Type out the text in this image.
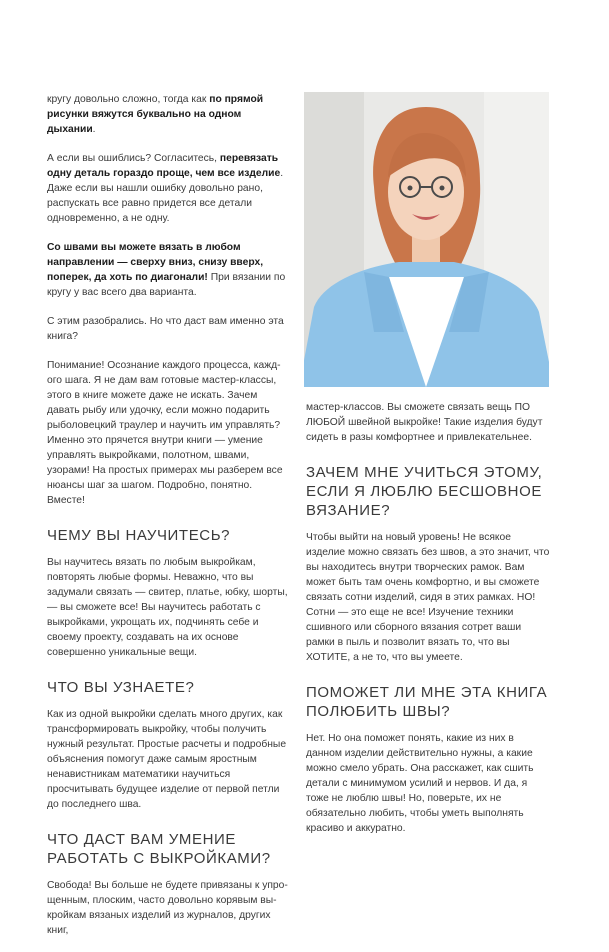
кругу довольно сложно, тогда как по прямой рисунки вяжутся буквально на одном дыхании.

А если вы ошиблись? Согласитесь, перевязать одну деталь гораздо проще, чем все изделие. Даже если вы нашли ошибку довольно рано, распускать все равно придется все детали одновременно, а не одну.

Со швами вы можете вязать в любом направлении — сверху вниз, снизу вверх, поперек, да хоть по диагонали! При вязании по кругу у вас всего два варианта.

С этим разобрались. Но что даст вам именно эта книга?

Понимание! Осознание каждого процесса, каждого шага. Я не дам вам готовые мастер-классы, этого в книге можете даже не искать. Зачем давать рыбу или удочку, если можно подарить рыболовецкий траулер и научить им управлять? Именно это прячется внутри книги — умение управлять выкройками, полотном, швами, узорами! На простых примерах мы разберем все нюансы шаг за шагом. Подробно, понятно. Вместе!

ЧЕМУ ВЫ НАУЧИТЕСЬ?

Вы научитесь вязать по любым выкройкам, повторять любые формы. Неважно, что вы задумали связать — свитер, платье, юбку, шорты, — вы сможете все! Вы научитесь работать с выкройками, укрощать их, подчинять себе и своему проекту, создавать на их основе совершенно уникальные вещи.

ЧТО ВЫ УЗНАЕТЕ?

Как из одной выкройки сделать много других, как трансформировать выкройку, чтобы получить нужный результат. Простые расчеты и подробные объяснения помогут даже самым яростным ненавистникам математики научиться просчитывать будущее изделие от первой петли до последнего шва.

ЧТО ДАСТ ВАМ УМЕНИЕ РАБОТАТЬ С ВЫКРОЙКАМИ?

Свобода! Вы больше не будете привязаны к упрощенным, плоским, часто довольно корявым выкройкам вязаных изделий из журналов, других книг,

мастер-классов. Вы сможете связать вещь ПО ЛЮБОЙ швейной выкройке! Такие изделия будут сидеть в разы комфортнее и привлекательнее.

ЗАЧЕМ МНЕ УЧИТЬСЯ ЭТОМУ, ЕСЛИ Я ЛЮБЛЮ БЕСШОВНОЕ ВЯЗАНИЕ?

Чтобы выйти на новый уровень! Не всякое изделие можно связать без швов, а это значит, что вы находитесь внутри творческих рамок. Вам может быть там очень комфортно, и вы сможете связать сотни изделий, сидя в этих рамках. НО! Сотни — это еще не все! Изучение техники сшивного или сборного вязания сотрет ваши рамки в пыль и позволит вязать то, что вы ХОТИТЕ, а не то, что вы умеете.

ПОМОЖЕТ ЛИ МНЕ ЭТА КНИГА ПОЛЮБИТЬ ШВЫ?

Нет. Но она поможет понять, какие из них в данном изделии действительно нужны, а какие можно смело убрать. Она расскажет, как сшить детали с минимумом усилий и нервов. И да, я тоже не люблю швы! Но, поверьте, их не обязательно любить, чтобы уметь выполнять красиво и аккуратно.
